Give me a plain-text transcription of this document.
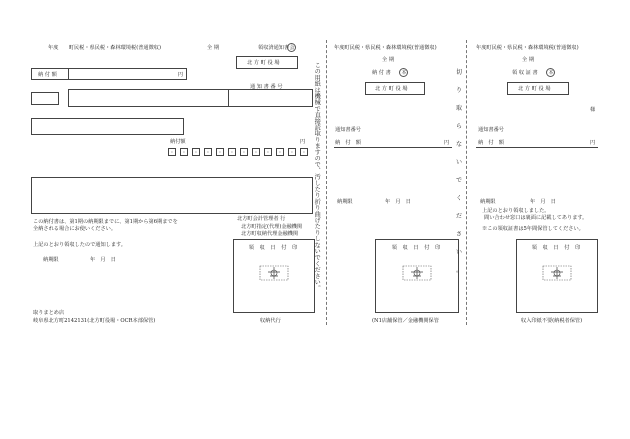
年度　　町民税・県民税・森林環境税(普通徴収)	全 期	領収済通知書 会	年度町民税・県民税・森林環境税(普通徴収)
全 期
納 付 書 本
年度町民税・県民税・森林環境税(普通徴収)
全 期
領 収 証 書 本
北 方 町 役 場
納 付 額	円
通 知 書 番 号
納付額	円
:	:	:	:	:	:	:	:	:	:	:	:
この納付書は、第1期の納期限までに、第1期から第6期までを
全納される場合にお使いください。
上記のとおり領収したので通知します。
納期限	年　月　日
北方町会計管理者 行
北方町指定(代理)金融機関
北方町収納代理金融機関
領 収 日 付 印
取りまとめ店
岐阜県北方町2142131(北方町役場・OCR本部保管)	収納代行
この用紙は機械で直接読取りますので、汚したり折り曲げたりしないでください。	北 方 町 役 場
通知書番号
納　付　額	円
納期限	年　月　日
領 収 日 付 印
(N1店舗保管／金融機関保管
切
り
取
ら
な
い
で
く
だ
さ
い
。
北 方 町 役 場
様
通知書番号
納　付　額	円
納期限	年　月　日
上記のとおり領収しました。
間い合わせ窓口は裏面に記載してあります。
※この領収証書は5年間保管してください。
領 収 日 付 印
収入印紙不要(納税者保管)
